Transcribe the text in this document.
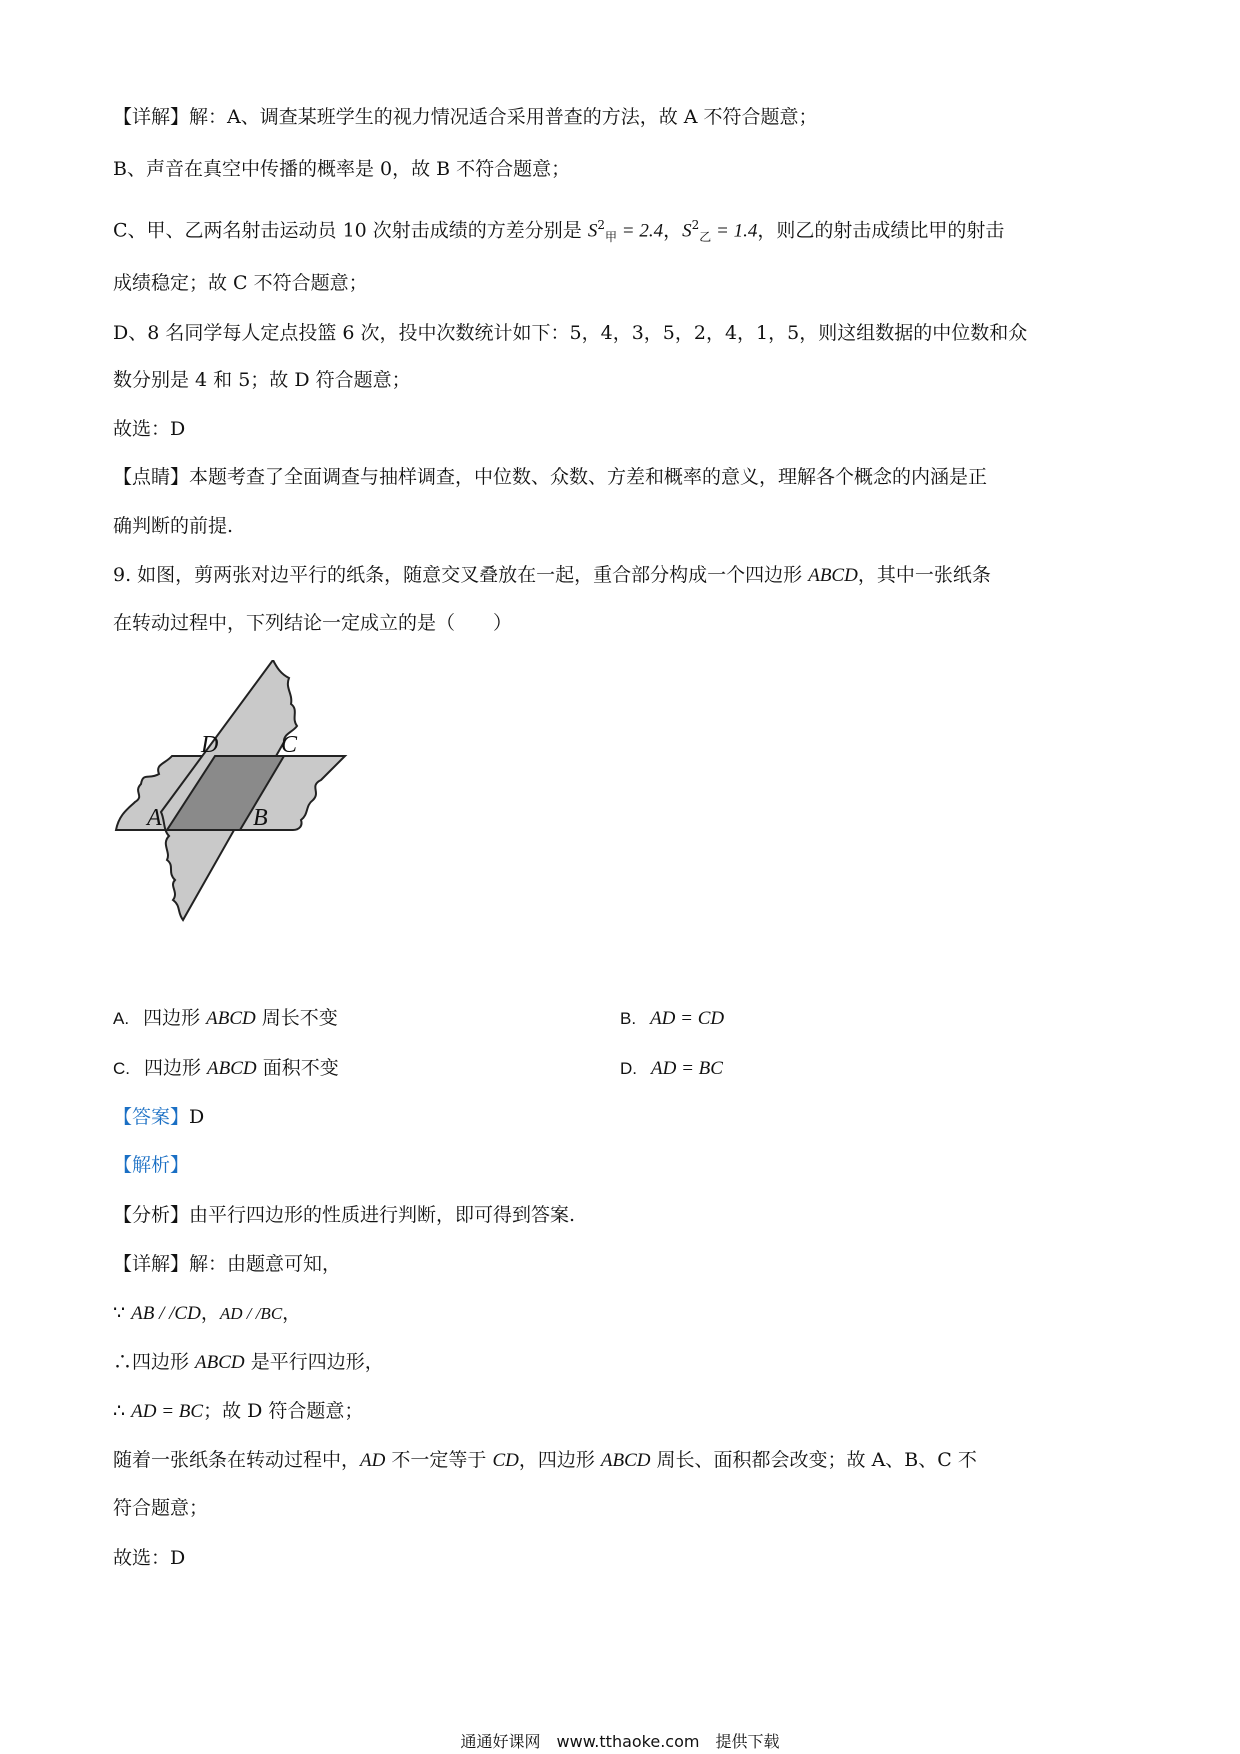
【详解】解：A、调查某班学生的视力情况适合采用普查的方法，故 A 不符合题意；
B、声音在真空中传播的概率是 0，故 B 不符合题意；
C、甲、乙两名射击运动员 10 次射击成绩的方差分别是 $S^2_甲 = 2.4$，$S^2_乙 = 1.4$，则乙的射击成绩比甲的射击
成绩稳定；故 C 不符合题意；
D、8 名同学每人定点投篮 6 次，投中次数统计如下：5，4，3，5，2，4，1，5，则这组数据的中位数和众
数分别是 4 和 5；故 D 符合题意；
故选：D
【点睛】本题考查了全面调查与抽样调查，中位数、众数、方差和概率的意义，理解各个概念的内涵是正
确判断的前提.
9. 如图，剪两张对边平行的纸条，随意交叉叠放在一起，重合部分构成一个四边形 ABCD，其中一张纸条
在转动过程中，下列结论一定成立的是（　　）
D	C
A	B
A. 四边形 ABCD 周长不变	B. AD = CD
C. 四边形 ABCD 面积不变	D. AD = BC
【答案】D
【解析】
【分析】由平行四边形的性质进行判断，即可得到答案.
【详解】解：由题意可知，
∵ AB / /CD，AD / /BC，
∴四边形 ABCD 是平行四边形，
∴ AD = BC；故 D 符合题意；
随着一张纸条在转动过程中，AD 不一定等于 CD，四边形 ABCD 周长、面积都会改变；故 A、B、C 不
符合题意；
故选：D
通通好课网　www.tthaoke.com　提供下载
